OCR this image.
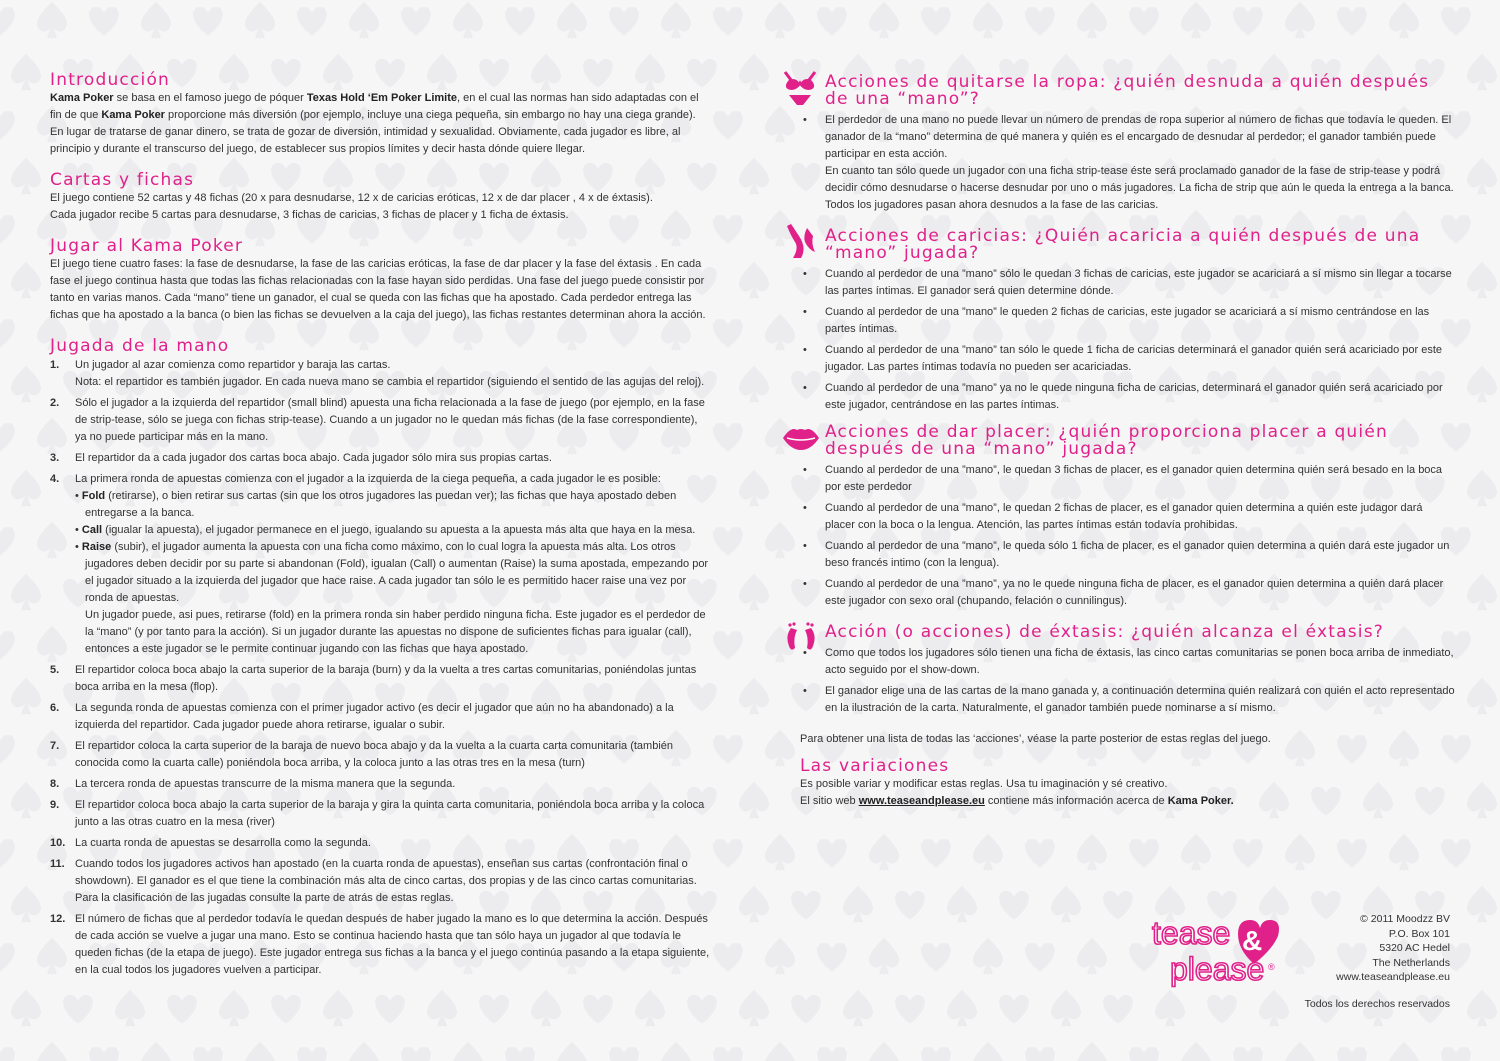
Introducción

Kama Poker se basa en el famoso juego de póquer Texas Hold ‘Em Poker Limite, en el cual las normas han sido adaptadas con el fin de que Kama Poker proporcione más diversión (por ejemplo, incluye una ciega pequeña, sin embargo no hay una ciega grande). En lugar de tratarse de ganar dinero, se trata de gozar de diversión, intimidad y sexualidad. Obviamente, cada jugador es libre, al principio y durante el transcurso del juego, de establecer sus propios límites y decir hasta dónde quiere llegar.

Cartas y fichas

El juego contiene 52 cartas y 48 fichas (20 x para desnudarse, 12 x de caricias eróticas, 12 x de dar placer , 4 x de éxtasis).
Cada jugador recibe 5 cartas para desnudarse, 3 fichas de caricias, 3 fichas de placer y 1 ficha de éxtasis.

Jugar al Kama Poker

El juego tiene cuatro fases: la fase de desnudarse, la fase de las caricias eróticas, la fase de dar placer y la fase del éxtasis . En cada fase el juego continua hasta que todas las fichas relacionadas con la fase hayan sido perdidas. Una fase del juego puede consistir por tanto en varias manos. Cada “mano” tiene un ganador, el cual se queda con las fichas que ha apostado. Cada perdedor entrega las fichas que ha apostado a la banca (o bien las fichas se devuelven a la caja del juego), las fichas restantes determinan ahora la acción.

Jugada de la mano
1. Un jugador al azar comienza como repartidor y baraja las cartas.
Nota: el repartidor es también jugador. En cada nueva mano se cambia el repartidor (siguiendo el sentido de las agujas del reloj).
2. Sólo el jugador a la izquierda del repartidor (small blind) apuesta una ficha relacionada a la fase de juego (por ejemplo, en la fase de strip-tease, sólo se juega con fichas strip-tease). Cuando a un jugador no le quedan más fichas (de la fase correspondiente), ya no puede participar más en la mano.
3. El repartidor da a cada jugador dos cartas boca abajo. Cada jugador sólo mira sus propias cartas.
4. La primera ronda de apuestas comienza con el jugador a la izquierda de la ciega pequeña, a cada jugador le es posible:
• Fold (retirarse), o bien retirar sus cartas (sin que los otros jugadores las puedan ver); las fichas que haya apostado deben entregarse a la banca.
• Call (igualar la apuesta), el jugador permanece en el juego, igualando su apuesta a la apuesta más alta que haya en la mesa.
• Raise (subir), el jugador aumenta la apuesta con una ficha como máximo, con lo cual logra la apuesta más alta. Los otros jugadores deben decidir por su parte si abandonan (Fold), igualan (Call) o aumentan (Raise) la suma apostada, empezando por el jugador situado a la izquierda del jugador que hace raise. A cada jugador tan sólo le es permitido hacer raise una vez por ronda de apuestas.
Un jugador puede, asi pues, retirarse (fold) en la primera ronda sin haber perdido ninguna ficha. Este jugador es el perdedor de la “mano” (y por tanto para la acción). Si un jugador durante las apuestas no dispone de suficientes fichas para igualar (call), entonces a este jugador se le permite continuar jugando con las fichas que haya apostado.
5. El repartidor coloca boca abajo la carta superior de la baraja (burn) y da la vuelta a tres cartas comunitarias, poniéndolas juntas boca arriba en la mesa (flop).
6. La segunda ronda de apuestas comienza con el primer jugador activo (es decir el jugador que aún no ha abandonado) a la izquierda del repartidor. Cada jugador puede ahora retirarse, igualar o subir.
7. El repartidor coloca la carta superior de la baraja de nuevo boca abajo y da la vuelta a la cuarta carta comunitaria (también conocida como la cuarta calle) poniéndola boca arriba, y la coloca junto a las otras tres en la mesa (turn)
8. La tercera ronda de apuestas transcurre de la misma manera que la segunda.
9. El repartidor coloca boca abajo la carta superior de la baraja y gira la quinta carta comunitaria, poniéndola boca arriba y la coloca junto a las otras cuatro en la mesa (river)
10. La cuarta ronda de apuestas se desarrolla como la segunda.
11. Cuando todos los jugadores activos han apostado (en la cuarta ronda de apuestas), enseñan sus cartas (confrontación final o showdown). El ganador es el que tiene la combinación más alta de cinco cartas, dos propias y de las cinco cartas comunitarias. Para la clasificación de las jugadas consulte la parte de atrás de estas reglas.
12. El número de fichas que al perdedor todavía le quedan después de haber jugado la mano es lo que determina la acción. Después de cada acción se vuelve a jugar una mano. Esto se continua haciendo hasta que tan sólo haya un jugador al que todavía le queden fichas (de la etapa de juego). Este jugador entrega sus fichas a la banca y el juego continúa pasando a la etapa siguiente, en la cual todos los jugadores vuelven a participar.
Acciones de quitarse la ropa: ¿quién desnuda a quién después de una “mano”?
• El perdedor de una mano no puede llevar un número de prendas de ropa superior al número de fichas que todavía le queden. El ganador de la “mano” determina de qué manera y quién es el encargado de desnudar al perdedor; el ganador también puede participar en esta acción.
En cuanto tan sólo quede un jugador con una ficha strip-tease éste será proclamado ganador de la fase de strip-tease y podrá decidir cómo desnudarse o hacerse desnudar por uno o más jugadores. La ficha de strip que aún le queda la entrega a la banca. Todos los jugadores pasan ahora desnudos a la fase de las caricias.
Acciones de caricias: ¿Quién acaricia a quién después de una “mano” jugada?
• Cuando al perdedor de una ”mano” sólo le quedan 3 fichas de caricias, este jugador se acariciará a sí mismo sin llegar a tocarse las partes íntimas. El ganador será quien determine dónde.
• Cuando al perdedor de una ”mano” le queden 2 fichas de caricias, este jugador se acariciará a sí mismo centrándose en las partes íntimas.
• Cuando al perdedor de una ”mano” tan sólo le quede 1 ficha de caricias determinará el ganador quién será acariciado por este jugador. Las partes íntimas todavía no pueden ser acariciadas.
• Cuando al perdedor de una ”mano” ya no le quede ninguna ficha de caricias, determinará el ganador quién será acariciado por este jugador, centrándose en las partes íntimas.
Acciones de dar placer: ¿quién proporciona placer a quién después de una “mano” jugada?
• Cuando al perdedor de una ”mano”, le quedan 3 fichas de placer, es el ganador quien determina quién será besado en la boca por este perdedor
• Cuando al perdedor de una ”mano”, le quedan 2 fichas de placer, es el ganador quien determina a quién este judagor dará placer con la boca o la lengua. Atención, las partes íntimas están todavía prohibidas.
• Cuando al perdedor de una ”mano”, le queda sólo 1 ficha de placer, es el ganador quien determina a quién dará este jugador un beso francés intimo (con la lengua).
• Cuando al perdedor de una ”mano”, ya no le quede ninguna ficha de placer, es el ganador quien determina a quién dará placer este jugador con sexo oral (chupando, felación o cunnilingus).
Acción (o acciones) de éxtasis: ¿quién alcanza el éxtasis?
• Como que todos los jugadores sólo tienen una ficha de éxtasis, las cinco cartas comunitarias se ponen boca arriba de inmediato, acto seguido por el show-down.
• El ganador elige una de las cartas de la mano ganada y, a continuación determina quién realizará con quién el acto representado en la ilustración de la carta. Naturalmente, el ganador también puede nominarse a sí mismo.

Para obtener una lista de todas las ‘acciones’, véase la parte posterior de estas reglas del juego.

Las variaciones

Es posible variar y modificar estas reglas. Usa tu imaginación y sé creativo.
El sitio web www.teaseandplease.eu contiene más información acerca de Kama Poker.

tease &
please ®
© 2011 Moodzz BV
P.O. Box 101
5320 AC Hedel
The Netherlands
www.teaseandplease.eu
Todos los derechos reservados
